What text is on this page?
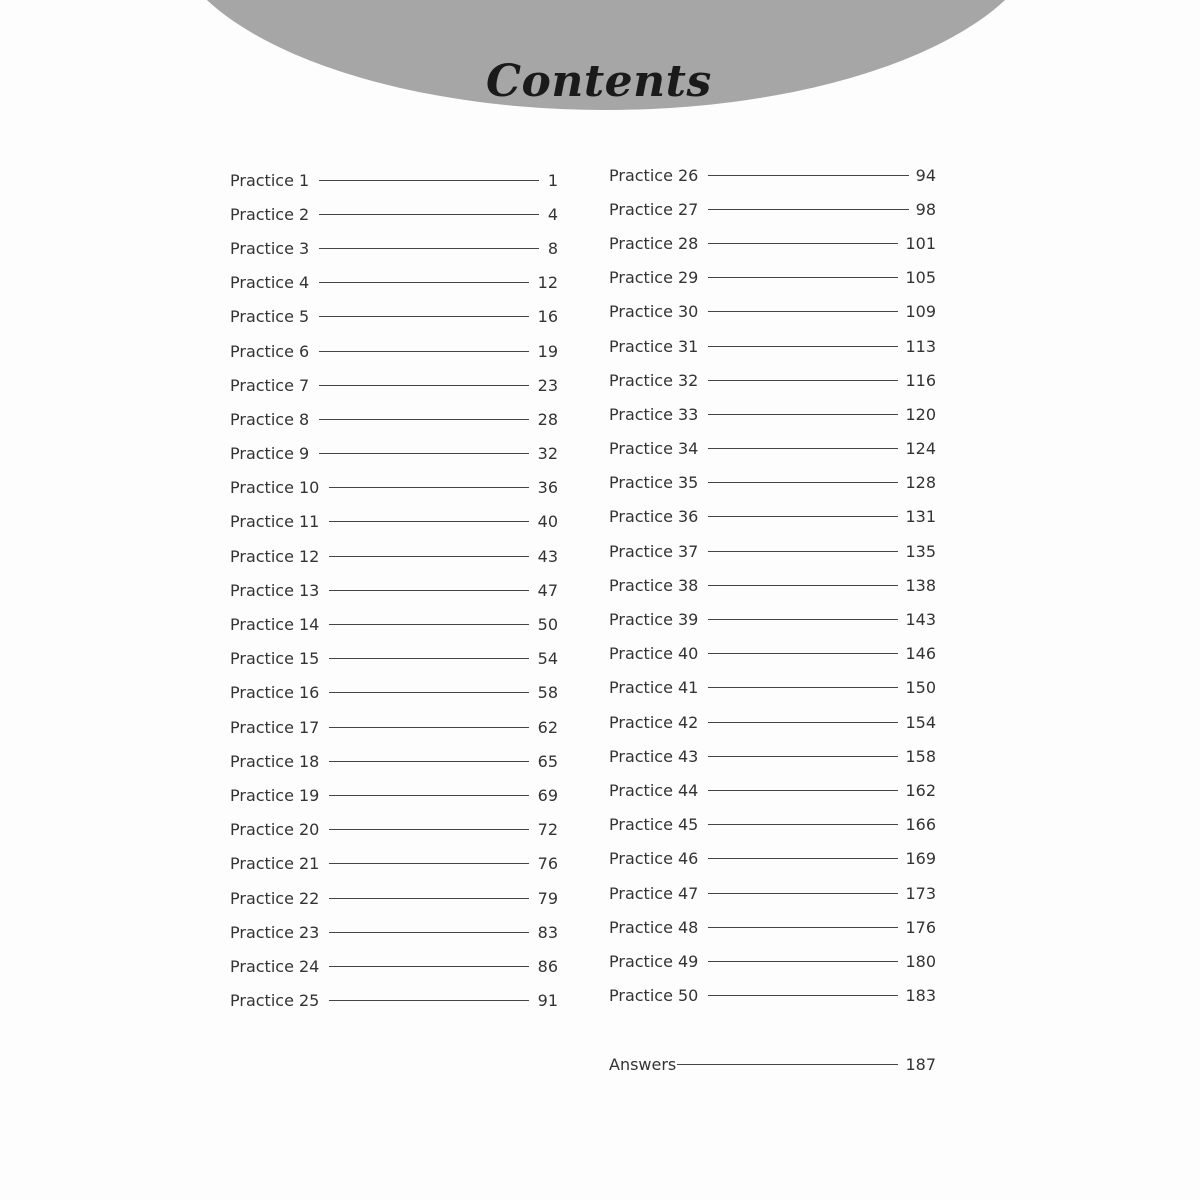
Contents
Practice 1	1
Practice 2	4
Practice 3	8
Practice 4	12
Practice 5	16
Practice 6	19
Practice 7	23
Practice 8	28
Practice 9	32
Practice 10	36
Practice 11	40
Practice 12	43
Practice 13	47
Practice 14	50
Practice 15	54
Practice 16	58
Practice 17	62
Practice 18	65
Practice 19	69
Practice 20	72
Practice 21	76
Practice 22	79
Practice 23	83
Practice 24	86
Practice 25	91
Practice 26	94
Practice 27	98
Practice 28	101
Practice 29	105
Practice 30	109
Practice 31	113
Practice 32	116
Practice 33	120
Practice 34	124
Practice 35	128
Practice 36	131
Practice 37	135
Practice 38	138
Practice 39	143
Practice 40	146
Practice 41	150
Practice 42	154
Practice 43	158
Practice 44	162
Practice 45	166
Practice 46	169
Practice 47	173
Practice 48	176
Practice 49	180
Practice 50	183
Answers	187
